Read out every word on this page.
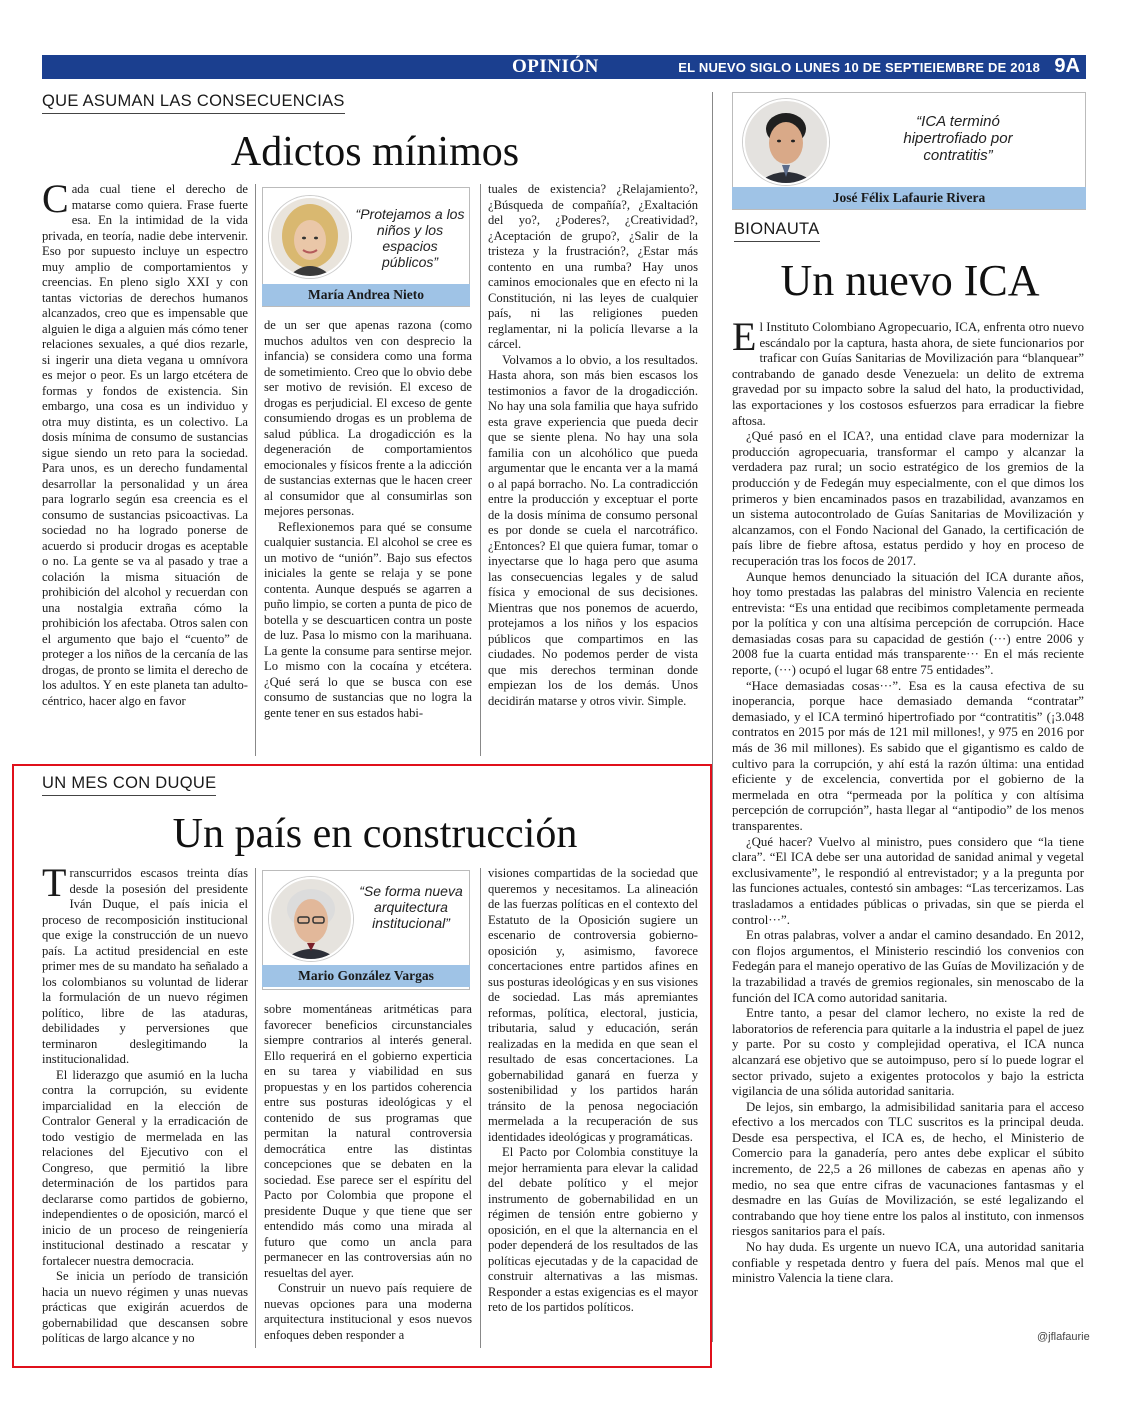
OPINIÓN	EL NUEVO SIGLO LUNES 10 DE SEPTIEIEMBRE DE 2018 9A
QUE ASUMAN LAS CONSECUENCIAS
Adictos mínimos

Cada cual tiene el derecho de matarse como quiera. Frase fuerte esa. En la intimidad de la vida privada, en teoría, nadie debe intervenir. Eso por supuesto incluye un espectro muy amplio de comportamientos y creencias. En pleno siglo XXI y con tantas victorias de derechos humanos alcanzados, creo que es impensable que alguien le diga a alguien más cómo tener relaciones sexuales, a qué dios rezarle, si ingerir una dieta vegana u omnívora es mejor o peor. Es un largo etcétera de formas y fondos de existencia. Sin embargo, una cosa es un individuo y otra muy distinta, es un colectivo. La dosis mínima de consumo de sustancias sigue siendo un reto para la sociedad. Para unos, es un derecho fundamental desarrollar la personalidad y un área para lograrlo según esa creencia es el consumo de sustancias psicoactivas. La sociedad no ha logrado ponerse de acuerdo si producir drogas es aceptable o no. La gente se va al pasado y trae a colación la misma situación de prohibición del alcohol y recuerdan con una nostalgia extraña cómo la prohibición los afectaba. Otros salen con el argumento que bajo el “cuento” de proteger a los niños de la cercanía de las drogas, de pronto se limita el derecho de los adultos. Y en este planeta tan adulto-céntrico, hacer algo en favor

“Protejamos a los niños y los espacios públicos”
María Andrea Nieto

de un ser que apenas razona (como muchos adultos ven con desprecio la infancia) se considera como una forma de sometimiento. Creo que lo obvio debe ser motivo de revisión. El exceso de drogas es perjudicial. El exceso de gente consumiendo drogas es un problema de salud pública. La drogadicción es la degeneración de comportamientos emocionales y físicos frente a la adicción de sustancias externas que le hacen creer al consumidor que al consumirlas son mejores personas.

Reflexionemos para qué se consume cualquier sustancia. El alcohol se cree es un motivo de “unión”. Bajo sus efectos iniciales la gente se relaja y se pone contenta. Aunque después se agarren a puño limpio, se corten a punta de pico de botella y se descuarticen contra un poste de luz. Pasa lo mismo con la marihuana. La gente la consume para sentirse mejor. Lo mismo con la cocaína y etcétera. ¿Qué será lo que se busca con ese consumo de sustancias que no logra la gente tener en sus estados habi-

tuales de existencia? ¿Relajamiento?, ¿Búsqueda de compañía?, ¿Exaltación del yo?, ¿Poderes?, ¿Creatividad?, ¿Aceptación de grupo?, ¿Salir de la tristeza y la frustración?, ¿Estar más contento en una rumba? Hay unos caminos emocionales que en efecto ni la Constitución, ni las leyes de cualquier país, ni las religiones pueden reglamentar, ni la policía llevarse a la cárcel.

Volvamos a lo obvio, a los resultados. Hasta ahora, son más bien escasos los testimonios a favor de la drogadicción. No hay una sola familia que haya sufrido esta grave experiencia que pueda decir que se siente plena. No hay una sola familia con un alcohólico que pueda argumentar que le encanta ver a la mamá o al papá borracho. No. La contradicción entre la producción y exceptuar el porte de la dosis mínima de consumo personal es por donde se cuela el narcotráfico. ¿Entonces? El que quiera fumar, tomar o inyectarse que lo haga pero que asuma las consecuencias legales y de salud física y emocional de sus decisiones. Mientras que nos ponemos de acuerdo, protejamos a los niños y los espacios públicos que compartimos en las ciudades. No podemos perder de vista que mis derechos terminan donde empiezan los de los demás. Unos decidirán matarse y otros vivir. Simple.

UN MES CON DUQUE
Un país en construcción

Transcurridos escasos treinta días desde la posesión del presidente Iván Duque, el país inicia el proceso de recomposición institucional que exige la construcción de un nuevo país. La actitud presidencial en este primer mes de su mandato ha señalado a los colombianos su voluntad de liderar la formulación de un nuevo régimen político, libre de las ataduras, debilidades y perversiones que terminaron deslegitimando la institucionalidad.

El liderazgo que asumió en la lucha contra la corrupción, su evidente imparcialidad en la elección de Contralor General y la erradicación de todo vestigio de mermelada en las relaciones del Ejecutivo con el Congreso, que permitió la libre determinación de los partidos para declararse como partidos de gobierno, independientes o de oposición, marcó el inicio de un proceso de reingeniería institucional destinado a rescatar y fortalecer nuestra democracia.

Se inicia un período de transición hacia un nuevo régimen y unas nuevas prácticas que exigirán acuerdos de gobernabilidad que descansen sobre políticas de largo alcance y no

“Se forma nueva arquitectura institucional”
Mario González Vargas

sobre momentáneas aritméticas para favorecer beneficios circunstanciales siempre contrarios al interés general. Ello requerirá en el gobierno experticia en su tarea y viabilidad en sus propuestas y en los partidos coherencia entre sus posturas ideológicas y el contenido de sus programas que permitan la natural controversia democrática entre las distintas concepciones que se debaten en la sociedad. Ese parece ser el espíritu del Pacto por Colombia que propone el presidente Duque y que tiene que ser entendido más como una mirada al futuro que como un ancla para permanecer en las controversias aún no resueltas del ayer.

Construir un nuevo país requiere de nuevas opciones para una moderna arquitectura institucional y esos nuevos enfoques deben responder a

visiones compartidas de la sociedad que queremos y necesitamos. La alineación de las fuerzas políticas en el contexto del Estatuto de la Oposición sugiere un escenario de controversia gobierno-oposición y, asimismo, favorece concertaciones entre partidos afines en sus posturas ideológicas y en sus visiones de sociedad. Las más apremiantes reformas, política, electoral, justicia, tributaria, salud y educación, serán realizadas en la medida en que sean el resultado de esas concertaciones. La gobernabilidad ganará en fuerza y sostenibilidad y los partidos harán tránsito de la penosa negociación mermelada a la recuperación de sus identidades ideológicas y programáticas.

El Pacto por Colombia constituye la mejor herramienta para elevar la calidad del debate político y el mejor instrumento de gobernabilidad en un régimen de tensión entre gobierno y oposición, en el que la alternancia en el poder dependerá de los resultados de las políticas ejecutadas y de la capacidad de construir alternativas a las mismas. Responder a estas exigencias es el mayor reto de los partidos políticos.

“ICA terminó hipertrofiado por contratitis”
José Félix Lafaurie Rivera
BIONAUTA
Un nuevo ICA

El Instituto Colombiano Agropecuario, ICA, enfrenta otro nuevo escándalo por la captura, hasta ahora, de siete funcionarios por traficar con Guías Sanitarias de Movilización para “blanquear” contrabando de ganado desde Venezuela: un delito de extrema gravedad por su impacto sobre la salud del hato, la productividad, las exportaciones y los costosos esfuerzos para erradicar la fiebre aftosa.

¿Qué pasó en el ICA?, una entidad clave para modernizar la producción agropecuaria, transformar el campo y alcanzar la verdadera paz rural; un socio estratégico de los gremios de la producción y de Fedegán muy especialmente, con el que dimos los primeros y bien encaminados pasos en trazabilidad, avanzamos en un sistema autocontrolado de Guías Sanitarias de Movilización y alcanzamos, con el Fondo Nacional del Ganado, la certificación de país libre de fiebre aftosa, estatus perdido y hoy en proceso de recuperación tras los focos de 2017.

Aunque hemos denunciado la situación del ICA durante años, hoy tomo prestadas las palabras del ministro Valencia en reciente entrevista: “Es una entidad que recibimos completamente permeada por la política y con una altísima percepción de corrupción. Hace demasiadas cosas para su capacidad de gestión (···) entre 2006 y 2008 fue la cuarta entidad más transparente··· En el más reciente reporte, (···) ocupó el lugar 68 entre 75 entidades”.

“Hace demasiadas cosas···”. Esa es la causa efectiva de su inoperancia, porque hace demasiado demanda “contratar” demasiado, y el ICA terminó hipertrofiado por “contratitis” (¡3.048 contratos en 2015 por más de 121 mil millones!, y 975 en 2016 por más de 36 mil millones). Es sabido que el gigantismo es caldo de cultivo para la corrupción, y ahí está la razón última: una entidad eficiente y de excelencia, convertida por el gobierno de la mermelada en otra “permeada por la política y con altísima percepción de corrupción”, hasta llegar al “antipodio” de los menos transparentes.

¿Qué hacer? Vuelvo al ministro, pues considero que “la tiene clara”. “El ICA debe ser una autoridad de sanidad animal y vegetal exclusivamente”, le respondió al entrevistador; y a la pregunta por las funciones actuales, contestó sin ambages: “Las tercerizamos. Las trasladamos a entidades públicas o privadas, sin que se pierda el control···”.

En otras palabras, volver a andar el camino desandado. En 2012, con flojos argumentos, el Ministerio rescindió los convenios con Fedegán para el manejo operativo de las Guías de Movilización y de la trazabilidad a través de gremios regionales, sin menoscabo de la función del ICA como autoridad sanitaria.

Entre tanto, a pesar del clamor lechero, no existe la red de laboratorios de referencia para quitarle a la industria el papel de juez y parte. Por su costo y complejidad operativa, el ICA nunca alcanzará ese objetivo que se autoimpuso, pero sí lo puede lograr el sector privado, sujeto a exigentes protocolos y bajo la estricta vigilancia de una sólida autoridad sanitaria.

De lejos, sin embargo, la admisibilidad sanitaria para el acceso efectivo a los mercados con TLC suscritos es la principal deuda. Desde esa perspectiva, el ICA es, de hecho, el Ministerio de Comercio para la ganadería, pero antes debe explicar el súbito incremento, de 22,5 a 26 millones de cabezas en apenas año y medio, no sea que entre cifras de vacunaciones fantasmas y el desmadre en las Guías de Movilización, se esté legalizando el contrabando que hoy tiene entre los palos al instituto, con inmensos riesgos sanitarios para el país.

No hay duda. Es urgente un nuevo ICA, una autoridad sanitaria confiable y respetada dentro y fuera del país. Menos mal que el ministro Valencia la tiene clara.

@jflafaurie
